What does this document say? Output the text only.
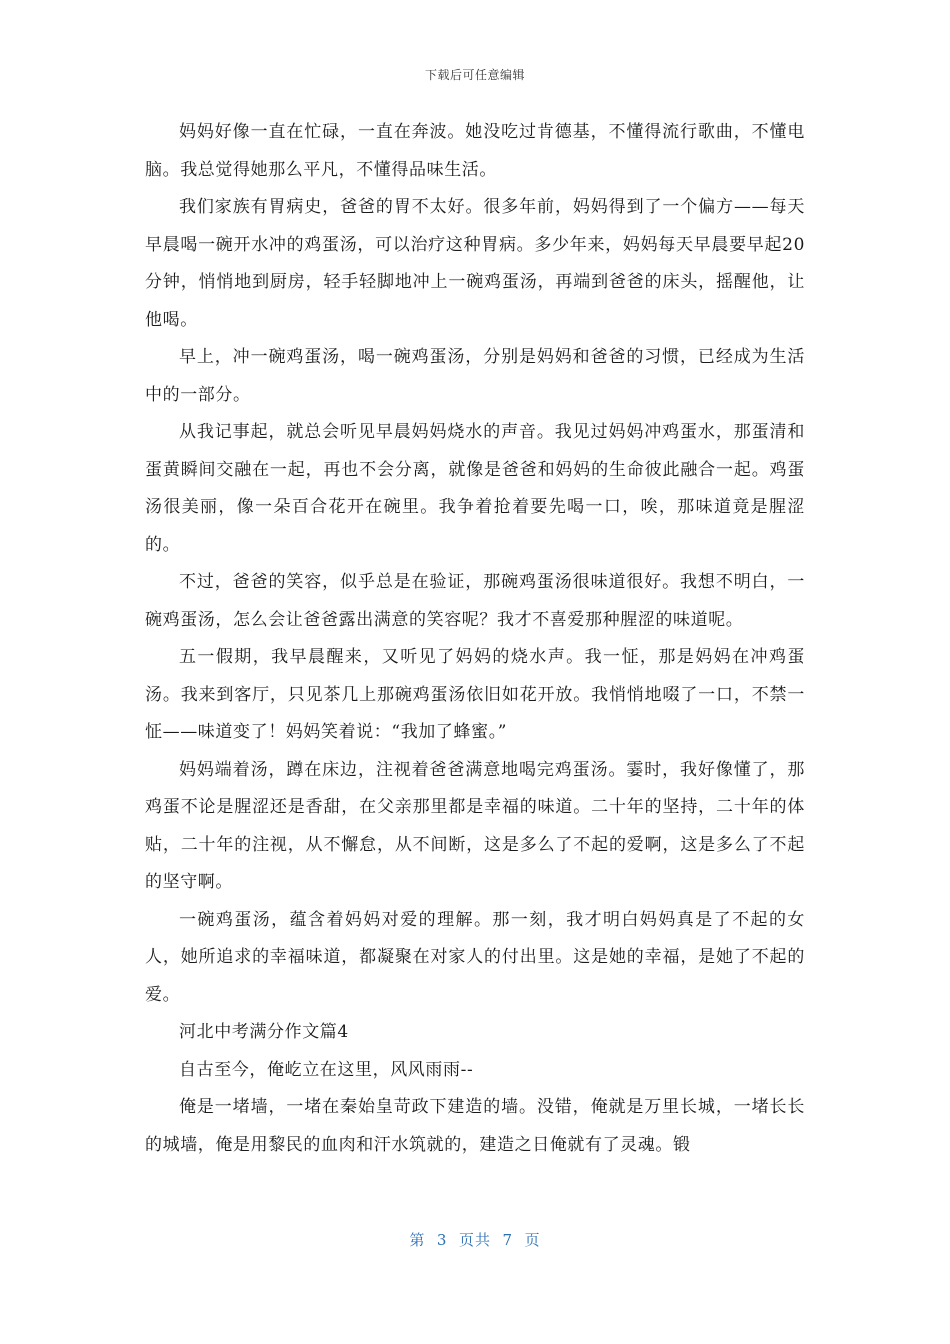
下载后可任意编辑

妈妈好像一直在忙碌，一直在奔波。她没吃过肯德基，不懂得流行歌曲，不懂电脑。我总觉得她那么平凡，不懂得品味生活。

我们家族有胃病史，爸爸的胃不太好。很多年前，妈妈得到了一个偏方——每天早晨喝一碗开水冲的鸡蛋汤，可以治疗这种胃病。多少年来，妈妈每天早晨要早起20分钟，悄悄地到厨房，轻手轻脚地冲上一碗鸡蛋汤，再端到爸爸的床头，摇醒他，让他喝。

早上，冲一碗鸡蛋汤，喝一碗鸡蛋汤，分别是妈妈和爸爸的习惯，已经成为生活中的一部分。

从我记事起，就总会听见早晨妈妈烧水的声音。我见过妈妈冲鸡蛋水，那蛋清和蛋黄瞬间交融在一起，再也不会分离，就像是爸爸和妈妈的生命彼此融合一起。鸡蛋汤很美丽，像一朵百合花开在碗里。我争着抢着要先喝一口，唉，那味道竟是腥涩的。

不过，爸爸的笑容，似乎总是在验证，那碗鸡蛋汤很味道很好。我想不明白，一碗鸡蛋汤，怎么会让爸爸露出满意的笑容呢？我才不喜爱那种腥涩的味道呢。

五一假期，我早晨醒来，又听见了妈妈的烧水声。我一怔，那是妈妈在冲鸡蛋汤。我来到客厅，只见茶几上那碗鸡蛋汤依旧如花开放。我悄悄地啜了一口，不禁一怔——味道变了！妈妈笑着说：“我加了蜂蜜。”

妈妈端着汤，蹲在床边，注视着爸爸满意地喝完鸡蛋汤。霎时，我好像懂了，那鸡蛋不论是腥涩还是香甜，在父亲那里都是幸福的味道。二十年的坚持，二十年的体贴，二十年的注视，从不懈怠，从不间断，这是多么了不起的爱啊，这是多么了不起的坚守啊。

一碗鸡蛋汤，蕴含着妈妈对爱的理解。那一刻，我才明白妈妈真是了不起的女人，她所追求的幸福味道，都凝聚在对家人的付出里。这是她的幸福，是她了不起的爱。

河北中考满分作文篇4

自古至今，俺屹立在这里，风风雨雨--

俺是一堵墙，一堵在秦始皇苛政下建造的墙。没错，俺就是万里长城，一堵长长的城墙，俺是用黎民的血肉和汗水筑就的，建造之日俺就有了灵魂。锻

第  3  页共  7  页
